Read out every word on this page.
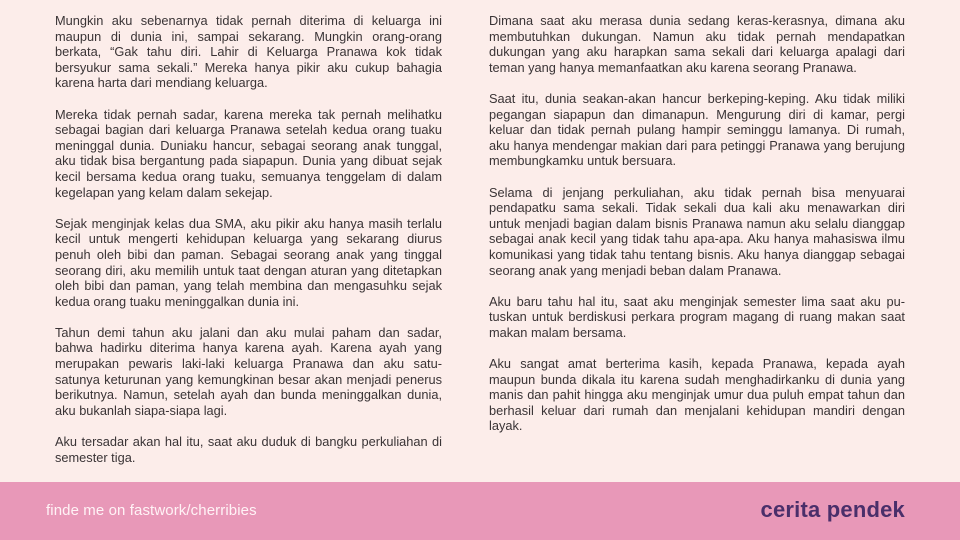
Mungkin aku sebenarnya tidak pernah diterima di keluarga ini maupun di dunia ini, sampai sekarang. Mungkin orang-orang berkata, “Gak tahu diri. Lahir di Keluarga Pranawa kok tidak bersyukur sama sekali.” Mereka hanya pikir aku cukup bahagia karena harta dari mendiang keluarga.

Mereka tidak pernah sadar, karena mereka tak pernah melihatku sebagai bagian dari keluarga Pranawa setelah kedua orang tuaku meninggal dunia. Duniaku hancur, sebagai seorang anak tunggal, aku tidak bisa bergantung pada siapapun. Dunia yang dibuat sejak kecil bersama kedua orang tuaku, semuanya tenggelam di dalam kegelapan yang kelam dalam sekejap.

Sejak menginjak kelas dua SMA, aku pikir aku hanya masih terlalu kecil untuk mengerti kehidupan keluarga yang sekarang diurus penuh oleh bibi dan paman. Sebagai seorang anak yang tinggal seorang diri, aku memilih untuk taat dengan aturan yang ditetapkan oleh bibi dan paman, yang telah membina dan mengasuhku sejak kedua orang tuaku meninggalkan dunia ini.

Tahun demi tahun aku jalani dan aku mulai paham dan sadar, bahwa hadirku diterima hanya karena ayah. Karena ayah yang merupakan pewaris laki-laki keluarga Pranawa dan aku satu-satunya keturunan yang kemungkinan besar akan menjadi penerus berikutnya. Namun, setelah ayah dan bunda meninggalkan dunia, aku bukanlah siapa-siapa lagi.

Aku tersadar akan hal itu, saat aku duduk di bangku perkuliahan di semester tiga.

Dimana saat aku merasa dunia sedang keras-kerasnya, dimana aku membutuhkan dukungan. Namun aku tidak pernah mendapatkan dukungan yang aku harapkan sama sekali dari keluarga apalagi dari teman yang hanya memanfaatkan aku karena seorang Pranawa.

Saat itu, dunia seakan-akan hancur berkeping-keping. Aku tidak miliki pegangan siapapun dan dimanapun. Mengurung diri di kamar, pergi keluar dan tidak pernah pulang hampir seminggu lamanya. Di rumah, aku hanya mendengar makian dari para petinggi Pranawa yang berujung membungkamku untuk bersuara.

Selama di jenjang perkuliahan, aku tidak pernah bisa menyuarai pendapatku sama sekali. Tidak sekali dua kali aku menawarkan diri untuk menjadi bagian dalam bisnis Pranawa namun aku selalu dianggap sebagai anak kecil yang tidak tahu apa-apa. Aku hanya mahasiswa ilmu komunikasi yang tidak tahu tentang bisnis. Aku hanya dianggap sebagai seorang anak yang menjadi beban dalam Pranawa.

Aku baru tahu hal itu, saat aku menginjak semester lima saat aku putuskan untuk berdiskusi perkara program magang di ruang makan saat makan malam bersama.

Aku sangat amat berterima kasih, kepada Pranawa, kepada ayah maupun bunda dikala itu karena sudah menghadirkanku di dunia yang manis dan pahit hingga aku menginjak umur dua puluh empat tahun dan berhasil keluar dari rumah dan menjalani kehidupan mandiri dengan layak.

finde me on fastwork/cherribies	cerita pendek
